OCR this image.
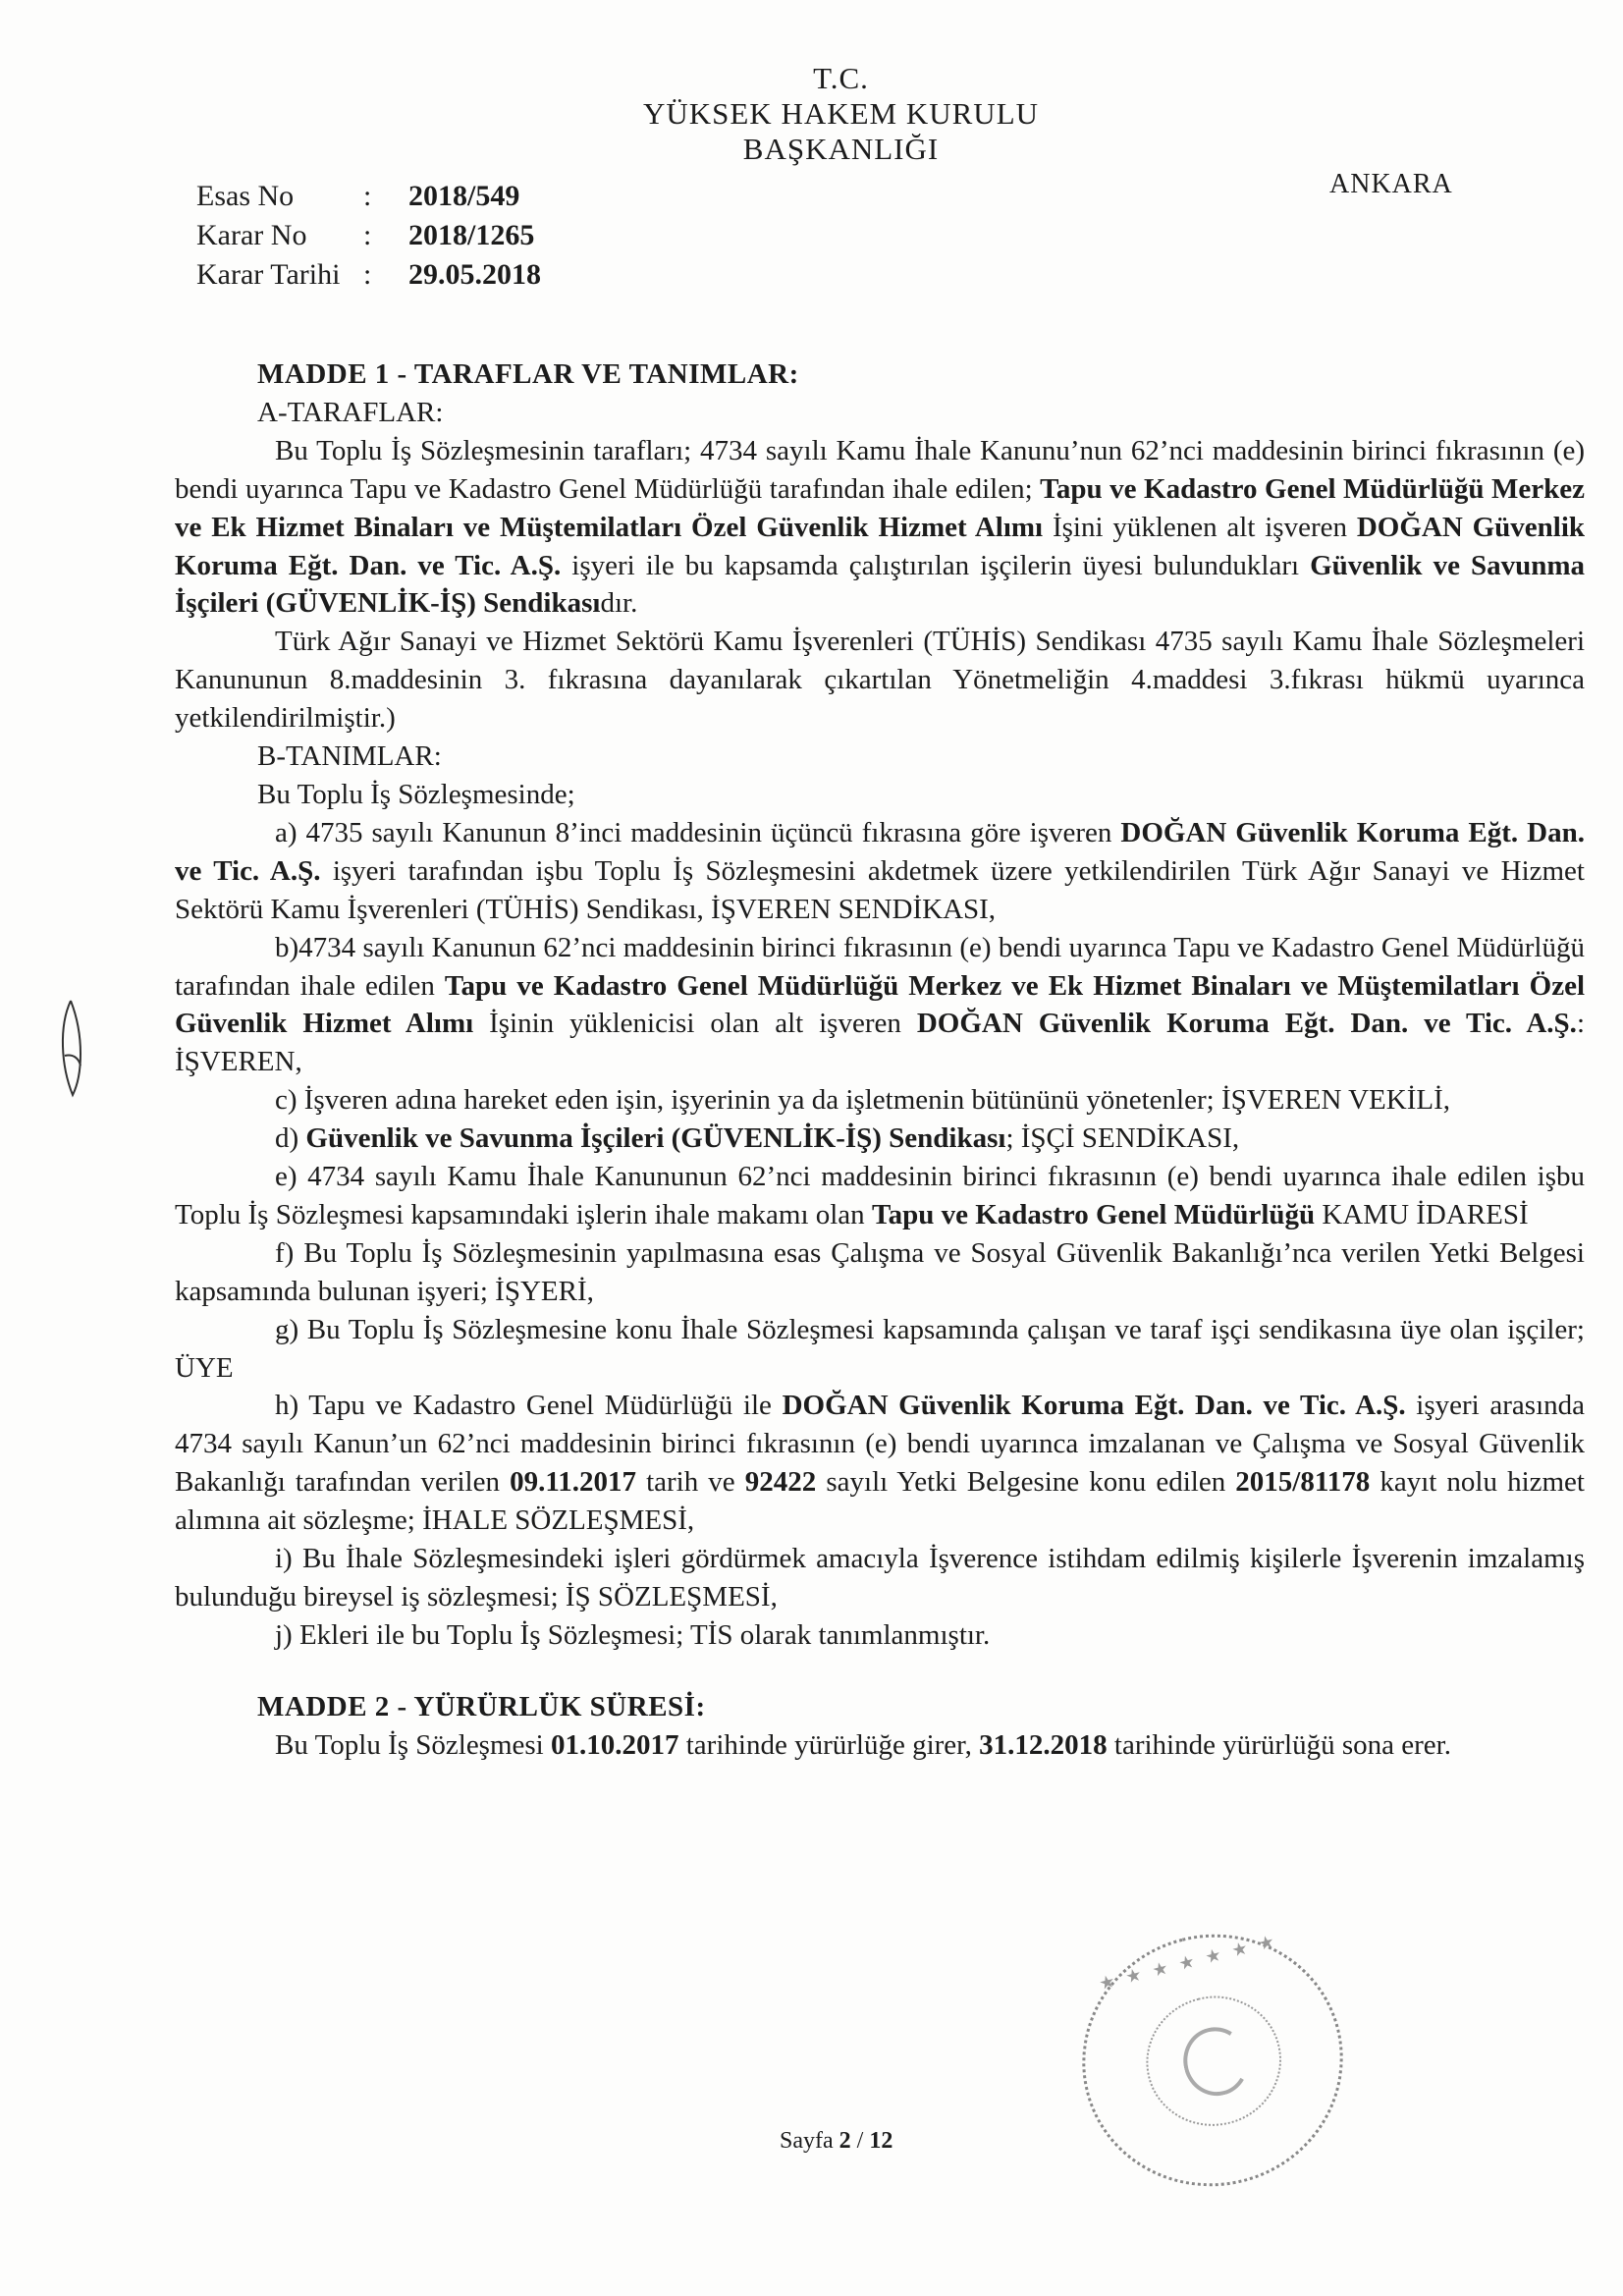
T.C.
YÜKSEK HAKEM KURULU
BAŞKANLIĞI
ANKARA
Esas No	:	2018/549
Karar No	:	2018/1265
Karar Tarihi	:	29.05.2018
MADDE 1 - TARAFLAR VE TANIMLAR:
A-TARAFLAR:

Bu Toplu İş Sözleşmesinin tarafları; 4734 sayılı Kamu İhale Kanunu’nun 62’nci maddesinin birinci fıkrasının (e) bendi uyarınca Tapu ve Kadastro Genel Müdürlüğü tarafından ihale edilen; Tapu ve Kadastro Genel Müdürlüğü Merkez ve Ek Hizmet Binaları ve Müştemilatları Özel Güvenlik Hizmet Alımı İşini yüklenen alt işveren DOĞAN Güvenlik Koruma Eğt. Dan. ve Tic. A.Ş. işyeri ile bu kapsamda çalıştırılan işçilerin üyesi bulundukları Güvenlik ve Savunma İşçileri (GÜVENLİK-İŞ) Sendikasıdır.

Türk Ağır Sanayi ve Hizmet Sektörü Kamu İşverenleri (TÜHİS) Sendikası 4735 sayılı Kamu İhale Sözleşmeleri Kanununun 8.maddesinin 3. fıkrasına dayanılarak çıkartılan Yönetmeliğin 4.maddesi 3.fıkrası hükmü uyarınca yetkilendirilmiştir.)

B-TANIMLAR:
Bu Toplu İş Sözleşmesinde;

a) 4735 sayılı Kanunun 8’inci maddesinin üçüncü fıkrasına göre işveren DOĞAN Güvenlik Koruma Eğt. Dan. ve Tic. A.Ş. işyeri tarafından işbu Toplu İş Sözleşmesini akdetmek üzere yetkilendirilen Türk Ağır Sanayi ve Hizmet Sektörü Kamu İşverenleri (TÜHİS) Sendikası, İŞVEREN SENDİKASI,

b)4734 sayılı Kanunun 62’nci maddesinin birinci fıkrasının (e) bendi uyarınca Tapu ve Kadastro Genel Müdürlüğü tarafından ihale edilen Tapu ve Kadastro Genel Müdürlüğü Merkez ve Ek Hizmet Binaları ve Müştemilatları Özel Güvenlik Hizmet Alımı İşinin yüklenicisi olan alt işveren DOĞAN Güvenlik Koruma Eğt. Dan. ve Tic. A.Ş.: İŞVEREN,

c) İşveren adına hareket eden işin, işyerinin ya da işletmenin bütününü yönetenler; İŞVEREN VEKİLİ,

d) Güvenlik ve Savunma İşçileri (GÜVENLİK-İŞ) Sendikası; İŞÇİ SENDİKASI,

e) 4734 sayılı Kamu İhale Kanununun 62’nci maddesinin birinci fıkrasının (e) bendi uyarınca ihale edilen işbu Toplu İş Sözleşmesi kapsamındaki işlerin ihale makamı olan Tapu ve Kadastro Genel Müdürlüğü KAMU İDARESİ

f) Bu Toplu İş Sözleşmesinin yapılmasına esas Çalışma ve Sosyal Güvenlik Bakanlığı’nca verilen Yetki Belgesi kapsamında bulunan işyeri; İŞYERİ,

g) Bu Toplu İş Sözleşmesine konu İhale Sözleşmesi kapsamında çalışan ve taraf işçi sendikasına üye olan işçiler; ÜYE

h) Tapu ve Kadastro Genel Müdürlüğü ile DOĞAN Güvenlik Koruma Eğt. Dan. ve Tic. A.Ş. işyeri arasında 4734 sayılı Kanun’un 62’nci maddesinin birinci fıkrasının (e) bendi uyarınca imzalanan ve Çalışma ve Sosyal Güvenlik Bakanlığı tarafından verilen 09.11.2017 tarih ve 92422 sayılı Yetki Belgesine konu edilen 2015/81178 kayıt nolu hizmet alımına ait sözleşme; İHALE SÖZLEŞMESİ,

i) Bu İhale Sözleşmesindeki işleri gördürmek amacıyla İşverence istihdam edilmiş kişilerle İşverenin imzalamış bulunduğu bireysel iş sözleşmesi; İŞ SÖZLEŞMESİ,

j) Ekleri ile bu Toplu İş Sözleşmesi; TİS olarak tanımlanmıştır.

MADDE 2 - YÜRÜRLÜK SÜRESİ:

Bu Toplu İş Sözleşmesi 01.10.2017 tarihinde yürürlüğe girer, 31.12.2018 tarihinde yürürlüğü sona erer.

★ ★ ★ ★ ★ ★ ★
Sayfa 2 / 12
